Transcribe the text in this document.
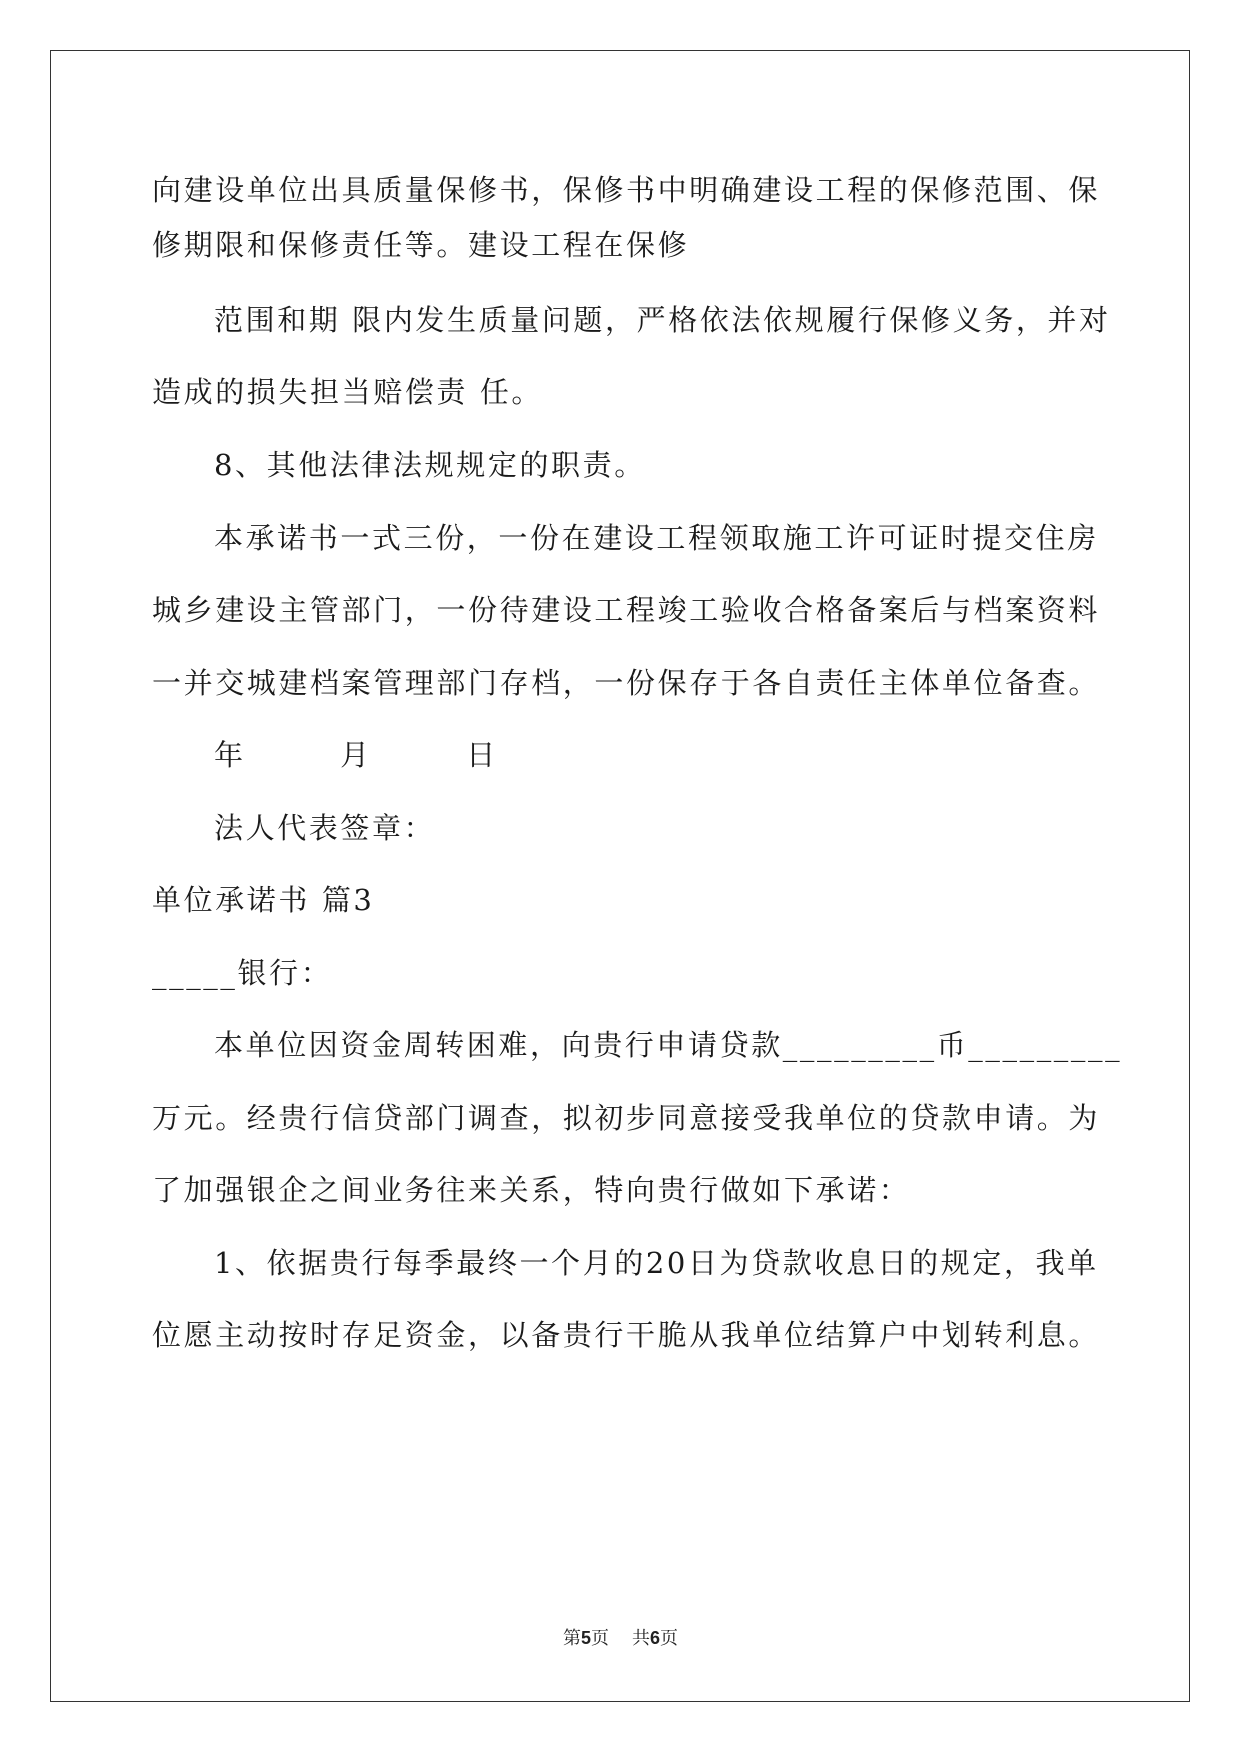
向建设单位出具质量保修书，保修书中明确建设工程的保修范围、保
修期限和保修责任等。建设工程在保修
范围和期 限内发生质量问题，严格依法依规履行保修义务，并对
造成的损失担当赔偿责 任。
8、其他法律法规规定的职责。
本承诺书一式三份，一份在建设工程领取施工许可证时提交住房
城乡建设主管部门，一份待建设工程竣工验收合格备案后与档案资料
一并交城建档案管理部门存档，一份保存于各自责任主体单位备查。
年        月        日
法人代表签章：
单位承诺书 篇3
_____银行：
本单位因资金周转困难，向贵行申请贷款_________币_________
万元。经贵行信贷部门调查，拟初步同意接受我单位的贷款申请。为
了加强银企之间业务往来关系，特向贵行做如下承诺：
1、依据贵行每季最终一个月的20日为贷款收息日的规定，我单
位愿主动按时存足资金，以备贵行干脆从我单位结算户中划转利息。
第5页 共6页
